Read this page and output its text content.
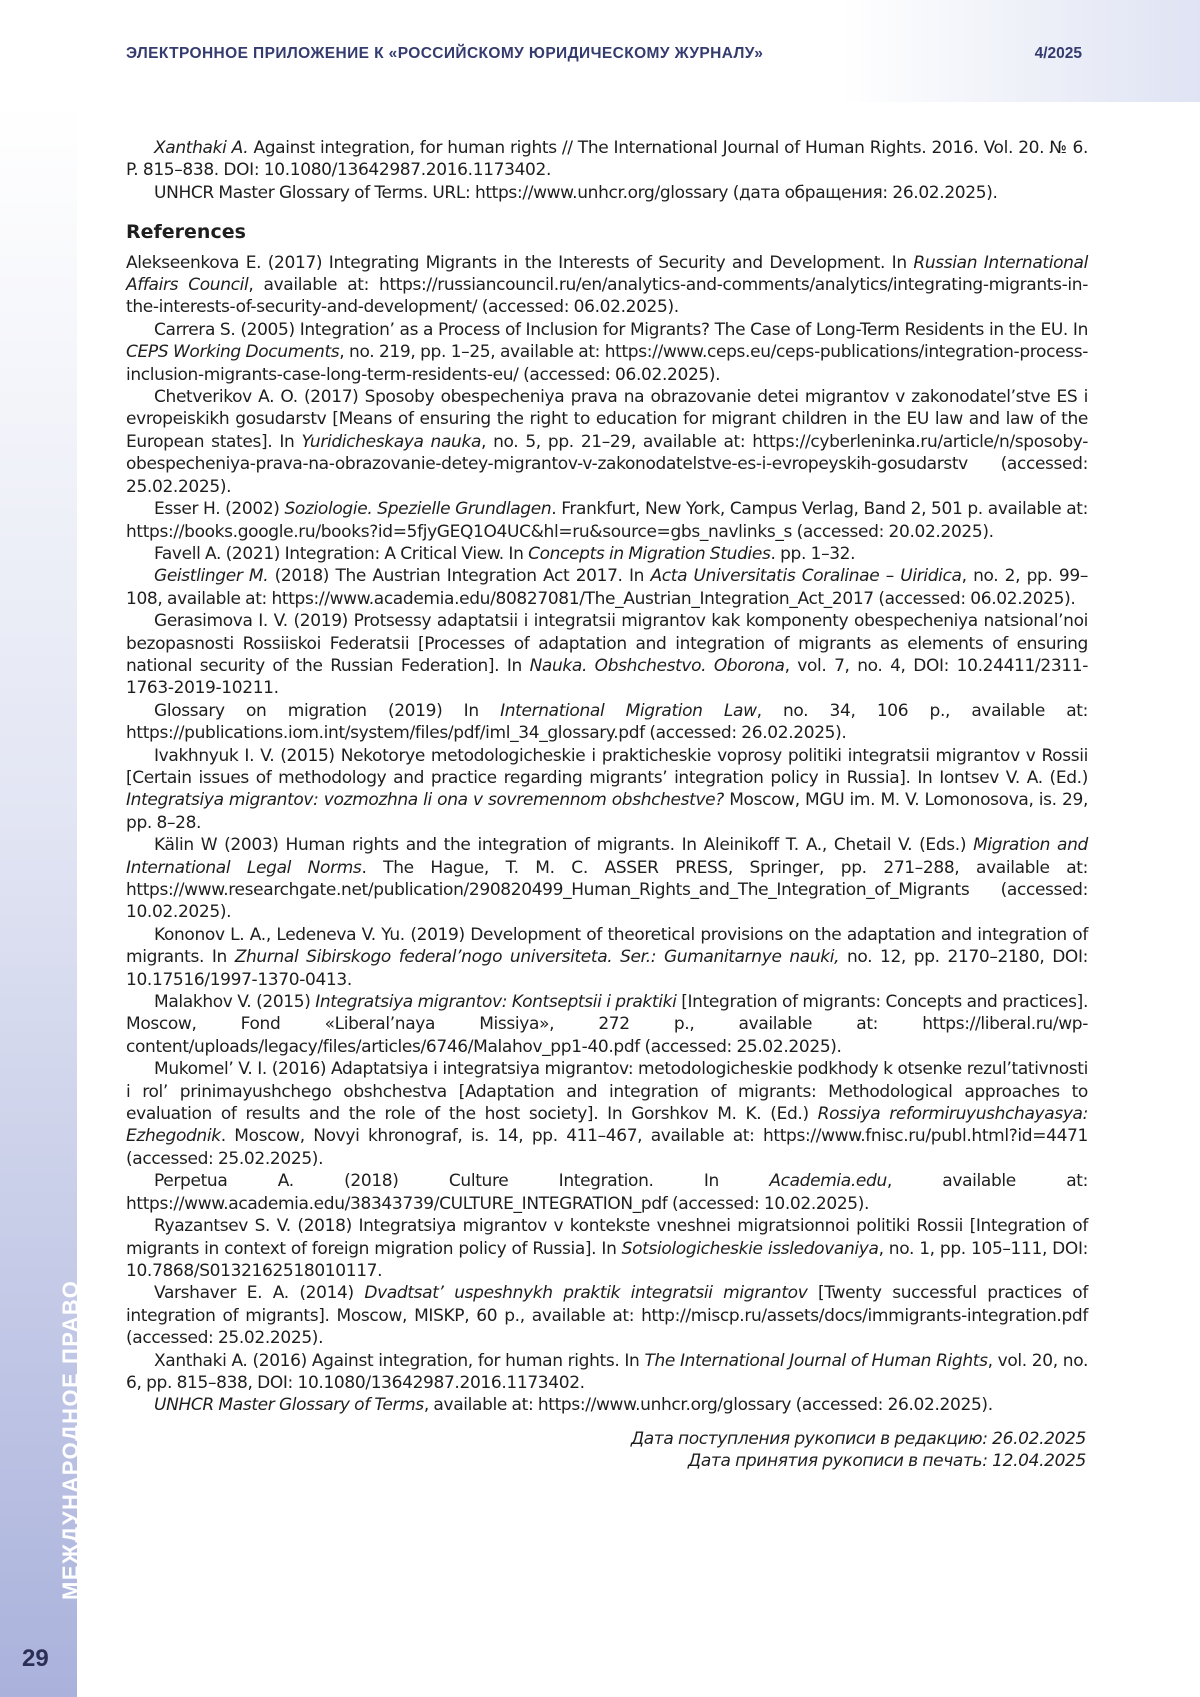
ЭЛЕКТРОННОЕ ПРИЛОЖЕНИЕ К «РОССИЙСКОМУ ЮРИДИЧЕСКОМУ ЖУРНАЛУ»	4/2025
МЕЖДУНАРОДНОЕ ПРАВО
29

Xanthaki A. Against integration, for human rights // The International Journal of Human Rights. 2016. Vol. 20. № 6. P. 815–838. DOI: 10.1080/13642987.2016.1173402.

UNHCR Master Glossary of Terms. URL: https://www.unhcr.org/glossary (дата обращения: 26.02.2025).

References

Alekseenkova E. (2017) Integrating Migrants in the Interests of Security and Development. In Russian International Affairs Council, available at: https://russiancouncil.ru/en/analytics-and-comments/analytics/integrating-migrants-in-the-interests-of-security-and-development/ (accessed: 06.02.2025).

Carrera S. (2005) Integration’ as a Process of Inclusion for Migrants? The Case of Long-Term Residents in the EU. In CEPS Working Documents, no. 219, pp. 1–25, available at: https://www.ceps.eu/ceps-publications/integration-process-inclusion-migrants-case-long-term-residents-eu/ (accessed: 06.02.2025).

Chetverikov A. O. (2017) Sposoby obespecheniya prava na obrazovanie detei migrantov v zakonodatel’stve ES i evropeiskikh gosudarstv [Means of ensuring the right to education for migrant children in the EU law and law of the European states]. In Yuridicheskaya nauka, no. 5, pp. 21–29, available at: https://cyberleninka.ru/article/n/sposoby-obespecheniya-prava-na-obrazovanie-detey-migrantov-v-zakonodatelstve-es-i-evropeyskih-gosudarstv (accessed: 25.02.2025).

Esser H. (2002) Soziologie. Spezielle Grundlagen. Frankfurt, New York, Campus Verlag, Band 2, 501 p. available at: https://books.google.ru/books?id=5fjyGEQ1O4UC&hl=ru&source=gbs_navlinks_s (accessed: 20.02.2025).

Favell A. (2021) Integration: A Critical View. In Concepts in Migration Studies. pp. 1–32.

Geistlinger M. (2018) The Austrian Integration Act 2017. In Acta Universitatis Coralinae – Uiridica, no. 2, pp. 99–108, available at: https://www.academia.edu/80827081/The_Austrian_Integration_Act_2017 (accessed: 06.02.2025).

Gerasimova I. V. (2019) Protsessy adaptatsii i integratsii migrantov kak komponenty obespecheniya natsional’noi bezopasnosti Rossiiskoi Federatsii [Processes of adaptation and integration of migrants as elements of ensuring national security of the Russian Federation]. In Nauka. Obshchestvo. Oborona, vol. 7, no. 4, DOI: 10.24411/2311-1763-2019-10211.

Glossary on migration (2019) In International Migration Law, no. 34, 106 p., available at: https://publications.iom.int/system/files/pdf/iml_34_glossary.pdf (accessed: 26.02.2025).

Ivakhnyuk I. V. (2015) Nekotorye metodologicheskie i prakticheskie voprosy politiki integratsii migrantov v Rossii [Certain issues of methodology and practice regarding migrants’ integration policy in Russia]. In Iontsev V. A. (Ed.) Integratsiya migrantov: vozmozhna li ona v sovremennom obshchestve? Moscow, MGU im. M. V. Lomonosova, is. 29, pp. 8–28.

Kälin W (2003) Human rights and the integration of migrants. In Aleinikoff T. A., Chetail V. (Eds.) Migration and International Legal Norms. The Hague, T. M. C. ASSER PRESS, Springer, pp. 271–288, available at: https://www.researchgate.net/publication/290820499_Human_Rights_and_The_Integration_of_Migrants (accessed: 10.02.2025).

Kononov L. A., Ledeneva V. Yu. (2019) Development of theoretical provisions on the adaptation and integration of migrants. In Zhurnal Sibirskogo federal’nogo universiteta. Ser.: Gumanitarnye nauki, no. 12, pp. 2170–2180, DOI: 10.17516/1997-1370-0413.

Malakhov V. (2015) Integratsiya migrantov: Kontseptsii i praktiki [Integration of migrants: Concepts and practices]. Moscow, Fond «Liberal’naya Missiya», 272 p., available at: https://liberal.ru/wp-content/uploads/legacy/files/articles/6746/Malahov_pp1-40.pdf (accessed: 25.02.2025).

Mukomel’ V. I. (2016) Adaptatsiya i integratsiya migrantov: metodologicheskie podkhody k otsenke rezul’tativnosti i rol’ prinimayushchego obshchestva [Adaptation and integration of migrants: Methodological approaches to evaluation of results and the role of the host society]. In Gorshkov M. K. (Ed.) Rossiya reformiruyushchayasya: Ezhegodnik. Moscow, Novyi khronograf, is. 14, pp. 411–467, available at: https://www.fnisc.ru/publ.html?id=4471 (accessed: 25.02.2025).

Perpetua A. (2018) Culture Integration. In Academia.edu, available at: https://www.academia.edu/38343739/CULTURE_INTEGRATION_pdf (accessed: 10.02.2025).

Ryazantsev S. V. (2018) Integratsiya migrantov v kontekste vneshnei migratsionnoi politiki Rossii [Integration of migrants in context of foreign migration policy of Russia]. In Sotsiologicheskie issledovaniya, no. 1, pp. 105–111, DOI: 10.7868/S0132162518010117.

Varshaver E. A. (2014) Dvadtsat’ uspeshnykh praktik integratsii migrantov [Twenty successful practices of integration of migrants]. Moscow, MISKP, 60 p., available at: http://miscp.ru/assets/docs/immigrants-integration.pdf (accessed: 25.02.2025).

Xanthaki A. (2016) Against integration, for human rights. In The International Journal of Human Rights, vol. 20, no. 6, pp. 815–838, DOI: 10.1080/13642987.2016.1173402.

UNHCR Master Glossary of Terms, available at: https://www.unhcr.org/glossary (accessed: 26.02.2025).

Дата поступления рукописи в редакцию: 26.02.2025
Дата принятия рукописи в печать: 12.04.2025
